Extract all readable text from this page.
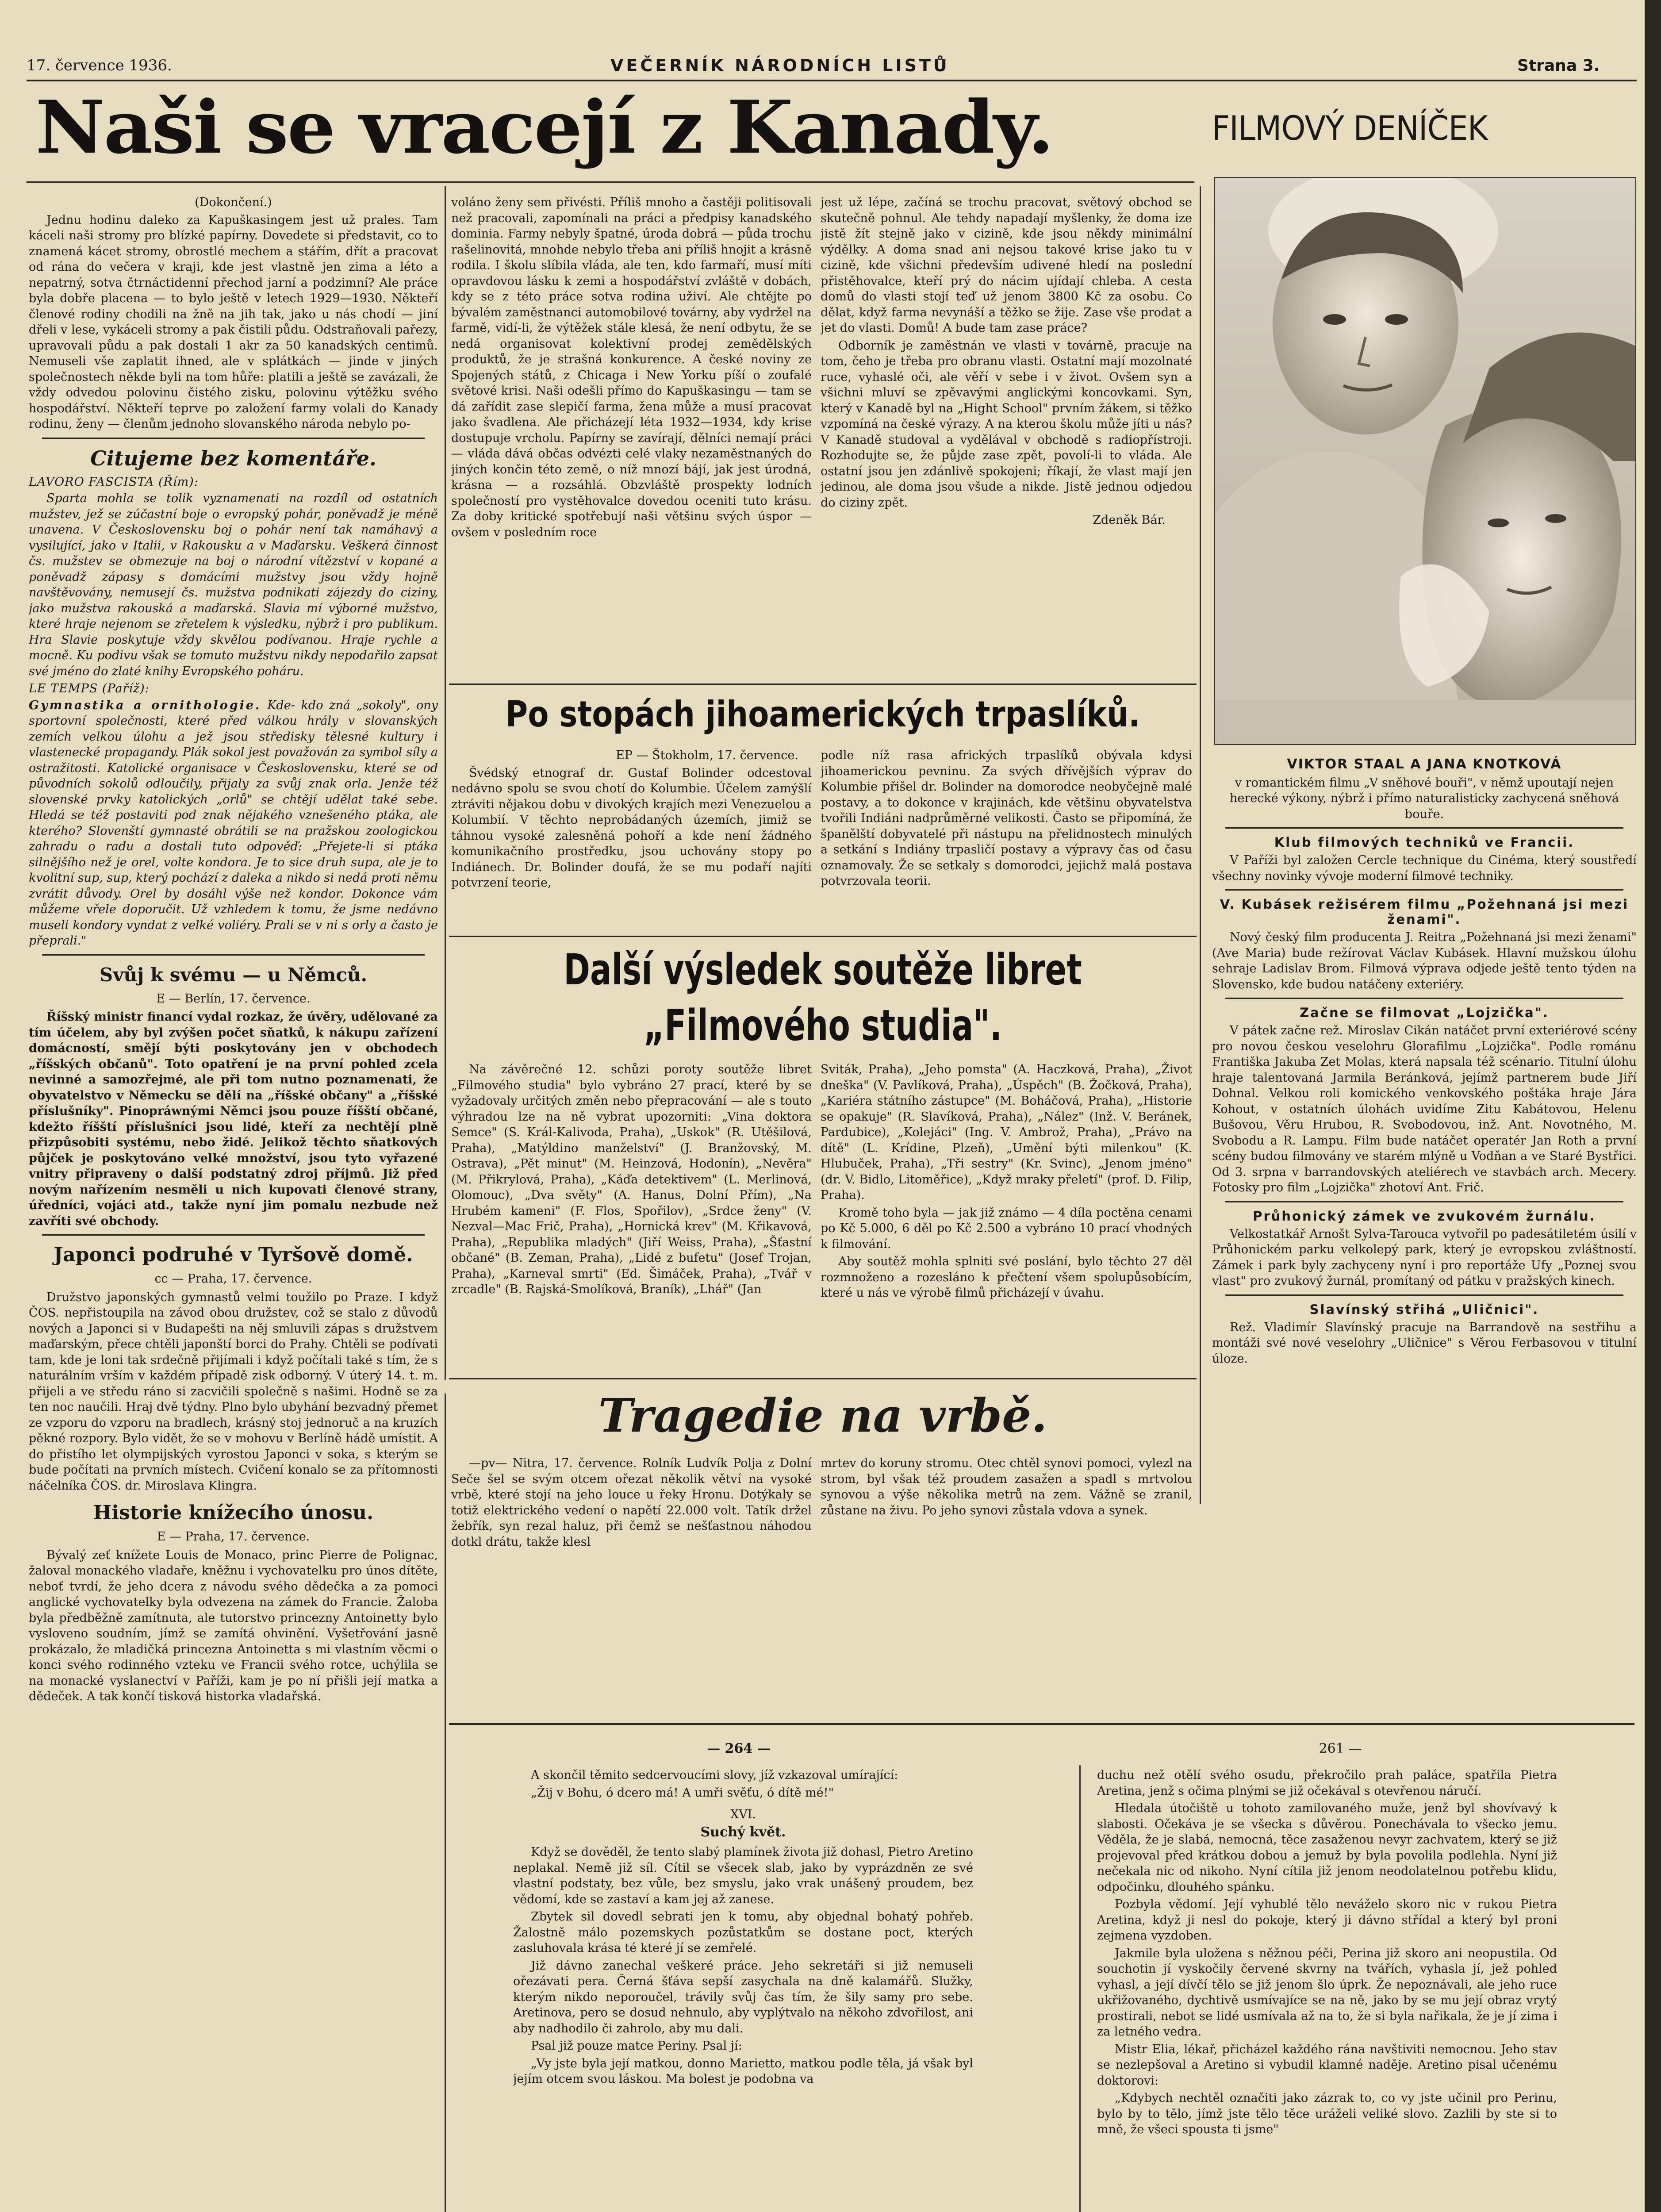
17. července 1936.	VEČERNÍK NÁRODNÍCH LISTŮ	Strana 3.
Naši se vracejí z Kanady.	FILMOVÝ DENÍČEK

(Dokončení.)

Jednu hodinu daleko za Kapuškasingem jest už prales. Tam káceli naši stromy pro blízké papírny. Dovedete si představit, co to znamená kácet stromy, obrostlé mechem a stářím, dřít a pracovat od rána do večera v kraji, kde jest vlastně jen zima a léto a nepatrný, sotva čtrnáctidenní přechod jarní a podzimní? Ale práce byla dobře placena — to bylo ještě v letech 1929—1930. Někteří členové rodiny chodili na žně na jih tak, jako u nás chodí — jiní dřeli v lese, vykáceli stromy a pak čistili půdu. Odstraňovali pařezy, upravovali půdu a pak dostali 1 akr za 50 kanadských centimů. Nemuseli vše zaplatit ihned, ale v splátkách — jinde v jiných společnostech někde byli na tom hůře: platili a ještě se zavázali, že vždy odvedou polovinu čistého zisku, polovinu výtěžku svého hospodářství. Někteří teprve po založení farmy volali do Kanady rodinu, ženy — členům jednoho slovanského národa nebylo po-

Citujeme bez komentáře.

LAVORO FASCISTA (Řím):

Sparta mohla se tolik vyznamenati na rozdíl od ostatních mužstev, jež se zúčastní boje o evropský pohár, poněvadž je méně unavena. V Československu boj o pohár není tak namáhavý a vysilující, jako v Italii, v Rakousku a v Maďarsku. Veškerá činnost čs. mužstev se obmezuje na boj o národní vítězství v kopané a poněvadž zápasy s domácími mužstvy jsou vždy hojně navštěvovány, nemusejí čs. mužstva podnikati zájezdy do ciziny, jako mužstva rakouská a maďarská. Slavia mí výborné mužstvo, které hraje nejenom se zřetelem k výsledku, nýbrž i pro publikum. Hra Slavie poskytuje vždy skvělou podívanou. Hraje rychle a mocně. Ku podivu však se tomuto mužstvu nikdy nepodařilo zapsat své jméno do zlaté knihy Evropského poháru.

LE TEMPS (Paříž):

Gymnastika a ornithologie. Kde- kdo zná „sokoly", ony sportovní společnosti, které před válkou hrály v slovanských zemích velkou úlohu a jež jsou středisky tělesné kultury i vlastenecké propagandy. Plák sokol jest považován za symbol síly a ostražitosti. Katolické organisace v Československu, které se od původních sokolů odloučily, přijaly za svůj znak orla. Jenže též slovenské prvky katolických „orlů" se chtějí udělat také sebe. Hledá se též postaviti pod znak nějakého vznešeného ptáka, ale kterého? Slovenští gymnasté obrátili se na pražskou zoologickou zahradu o radu a dostali tuto odpověď: „Přejete-li si ptáka silnějšího než je orel, volte kondora. Je to sice druh supa, ale je to kvolitní sup, sup, který pochází z daleka a nikdo si nedá proti němu zvrátit důvody. Orel by dosáhl výše než kondor. Dokonce vám můžeme vřele doporučit. Už vzhledem k tomu, že jsme nedávno museli kondory vyndat z velké voliéry. Prali se v ni s orly a často je přeprali."

Svůj k svému — u Němců.

E — Berlín, 17. července.

Říšský ministr financí vydal rozkaz, že úvěry, udělované za tím účelem, aby byl zvýšen počet sňatků, k nákupu zařízení domácností, smějí býti poskytovány jen v obchodech „říšských občanů". Toto opatření je na první pohled zcela nevinné a samozřejmé, ale při tom nutno poznamenati, že obyvatelstvo v Německu se dělí na „říšské občany" a „říšské příslušníky". Pinopráwnými Němci jsou pouze říšští občané, kdežto říšští příslušníci jsou lidé, kteří za nechtějí plně přizpůsobiti systému, nebo židé. Jelikož těchto sňatkových půjček je poskytováno velké množství, jsou tyto vyřazené vnitry připraveny o další podstatný zdroj příjmů. Již před novým nařízením nesměli u nich kupovati členové strany, úředníci, vojáci atd., takže nyní jim pomalu nezbude než zavříti své obchody.

Japonci podruhé v Tyršově domě.

cc — Praha, 17. července.

Družstvo japonských gymnastů velmi toužilo po Praze. I když ČOS. nepřistoupila na závod obou družstev, což se stalo z důvodů nových a Japonci si v Budapešti na něj smluvili zápas s družstvem maďarským, přece chtěli japonští borci do Prahy. Chtěli se podívati tam, kde je loni tak srdečně přijímali i když počítali také s tím, že s naturálním vrším v každém případě zisk odborný. V úterý 14. t. m. přijeli a ve středu ráno si zacvičili společně s našimi. Hodně se za ten noc naučili. Hraj dvě týdny. Plno bylo ubyhání bezvadný přemet ze vzporu do vzporu na bradlech, krásný stoj jednoruč a na kruzích pěkné rozpory. Bylo vidět, že se v mohovu v Berlíně hádě umístit. A do přistího let olympijských vyrostou Japonci v soka, s kterým se bude počítati na prvních místech. Cvičení konalo se za přítomnosti náčelníka ČOS. dr. Miroslava Klingra.

Historie knížecího únosu.

E — Praha, 17. července.

Bývalý zeť knížete Louis de Monaco, princ Pierre de Polignac, žaloval monackého vladaře, kněžnu i vychovatelku pro únos dítěte, neboť tvrdí, že jeho dcera z návodu svého dědečka a za pomoci anglické vychovatelky byla odvezena na zámek do Francie. Žaloba byla předběžně zamítnuta, ale tutorstvo princezny Antoinetty bylo vysloveno soudním, jímž se zamítá ohvinění. Vyšetřování jasně prokázalo, že mladičká princezna Antoinetta s mi vlastním věcmi o konci svého rodinného vzteku ve Francii svého rotce, uchýlila se na monacké vyslanectví v Paříži, kam je po ní přišli její matka a dědeček. A tak končí tisková historka vladařská.

voláno ženy sem přivésti. Příliš mnoho a častěji politisovali než pracovali, zapomínali na práci a předpisy kanadského dominia. Farmy nebyly špatné, úroda dobrá — půda trochu rašelinovitá, mnohde nebylo třeba ani příliš hnojit a krásně rodila. I školu slíbila vláda, ale ten, kdo farmaří, musí míti opravdovou lásku k zemi a hospodářství zvláště v dobách, kdy se z této práce sotva rodina uživí. Ale chtějte po bývalém zaměstnanci automobilové továrny, aby vydržel na farmě, vidí-li, že výtěžek stále klesá, že není odbytu, že se nedá organisovat kolektivní prodej zemědělských produktů, že je strašná konkurence. A české noviny ze Spojených států, z Chicaga i New Yorku píší o zoufalé světové krisi. Naši odešli přímo do Kapuškasingu — tam se dá zařídit zase slepičí farma, žena může a musí pracovat jako švadlena. Ale přicházejí léta 1932—1934, kdy krise dostupuje vrcholu. Papírny se zavírají, dělníci nemají práci — vláda dává občas odvézti celé vlaky nezaměstnaných do jiných končin této země, o níž mnozí bájí, jak jest úrodná, krásna — a rozsáhlá. Obzvláště prospekty lodních společností pro vystěhovalce dovedou oceniti tuto krásu. Za doby kritické spotřebují naši většinu svých úspor — ovšem v posledním roce

jest už lépe, začíná se trochu pracovat, světový obchod se skutečně pohnul. Ale tehdy napadají myšlenky, že doma ize jistě žít stejně jako v cizině, kde jsou někdy minimální výdělky. A doma snad ani nejsou takové krise jako tu v cizině, kde všichni především udivené hledí na poslední přistěhovalce, kteří prý do nácim ujídají chleba. A cesta domů do vlasti stojí teď už jenom 3800 Kč za osobu. Co dělat, když farma nevynáší a těžko se žije. Zase vše prodat a jet do vlasti. Domů! A bude tam zase práce?

Odborník je zaměstnán ve vlasti v továrně, pracuje na tom, čeho je třeba pro obranu vlasti. Ostatní mají mozolnaté ruce, vyhaslé oči, ale věří v sebe i v život. Ovšem syn a všichni mluví se zpěvavými anglickými koncovkami. Syn, který v Kanadě byl na „Hight School" prvním žákem, si těžko vzpomíná na české výrazy. A na kterou školu může jíti u nás? V Kanadě studoval a vydělával v obchodě s radiopřístroji. Rozhodujte se, že půjde zase zpět, povolí-li to vláda. Ale ostatní jsou jen zdánlivě spokojeni; říkají, že vlast mají jen jedinou, ale doma jsou všude a nikde. Jistě jednou odjedou do ciziny zpět.

Zdeněk Bár.

Po stopách jihoamerických trpaslíků.

EP — Štokholm, 17. července.

Švédský etnograf dr. Gustaf Bolinder odcestoval nedávno spolu se svou chotí do Kolumbie. Účelem zamýšlí ztráviti nějakou dobu v divokých krajích mezi Venezuelou a Kolumbií. V těchto neprobádaných územích, jimiž se táhnou vysoké zalesněná pohoří a kde není žádného komunikačního prostředku, jsou uchovány stopy po Indiánech. Dr. Bolinder doufá, že se mu podaří najíti potvrzení teorie,

podle níž rasa afrických trpaslíků obývala kdysi jihoamerickou pevninu. Za svých dřívějších výprav do Kolumbie přišel dr. Bolinder na domorodce neobyčejně malé postavy, a to dokonce v krajinách, kde většinu obyvatelstva tvořili Indiáni nadprůměrné velikosti. Často se připomíná, že španělští dobyvatelé při nástupu na přelidnostech minulých a setkání s Indiány trpasličí postavy a výpravy čas od času oznamovaly. Že se setkaly s domorodci, jejichž malá postava potvrzovala teorii.

Další výsledek soutěže libret
„Filmového studia".

Na závěrečné 12. schůzi poroty soutěže libret „Filmového studia" bylo vybráno 27 prací, které by se vyžadovaly určitých změn nebo přepracování — ale s touto výhradou lze na ně vybrat upozorniti: „Vina doktora Semce" (S. Král-Kalivoda, Praha), „Uskok" (R. Utěšilová, Praha), „Matýldino manželství" (J. Branžovský, M. Ostrava), „Pět minut" (M. Heinzová, Hodonín), „Nevěra" (M. Přikrylová, Praha), „Káďa detektivem" (L. Merlinová, Olomouc), „Dva světy" (A. Hanus, Dolní Přím), „Na Hrubém kameni" (F. Flos, Spořilov), „Srdce ženy" (V. Nezval—Mac Frič, Praha), „Hornická krev" (M. Křikavová, Praha), „Republika mladých" (Jiří Weiss, Praha), „Šťastní občané" (B. Zeman, Praha), „Lidé z bufetu" (Josef Trojan, Praha), „Karneval smrti" (Ed. Šimáček, Praha), „Tvář v zrcadle" (B. Rajská-Smolíková, Braník), „Lhář" (Jan

Sviták, Praha), „Jeho pomsta" (A. Haczková, Praha), „Život dneška" (V. Pavlíková, Praha), „Úspěch" (B. Žočková, Praha), „Kariéra státního zástupce" (M. Boháčová, Praha), „Historie se opakuje" (R. Slavíková, Praha), „Nález" (Inž. V. Beránek, Pardubice), „Kolejáci" (Ing. V. Ambrož, Praha), „Právo na dítě" (L. Krídine, Plzeň), „Umění býti milenkou" (K. Hlubuček, Praha), „Tři sestry" (Kr. Svinc), „Jenom jméno" (dr. V. Bidlo, Litoměřice), „Když mraky přeletí" (prof. D. Filip, Praha).

Kromě toho byla — jak již známo — 4 díla poctěna cenami po Kč 5.000, 6 děl po Kč 2.500 a vybráno 10 prací vhodných k filmování.

Aby soutěž mohla splniti své poslání, bylo těchto 27 děl rozmnoženo a rozesláno k přečtení všem spolupůsobícím, které u nás ve výrobě filmů přicházejí v úvahu.

Tragedie na vrbě.

—pv— Nitra, 17. července. Rolník Ludvík Polja z Dolní Seče šel se svým otcem ořezat několik větví na vysoké vrbě, které stojí na jeho louce u řeky Hronu. Dotýkaly se totiž elektrického vedení o napětí 22.000 volt. Tatík držel žebřík, syn rezal haluz, při čemž se nešťastnou náhodou dotkl drátu, takže klesl

mrtev do koruny stromu. Otec chtěl synovi pomoci, vylezl na strom, byl však též proudem zasažen a spadl s mrtvolou synovou a výše několika metrů na zem. Vážně se zranil, zůstane na živu. Po jeho synovi zůstala vdova a synek.

— 264 —	261 —

A skončil těmito sedcervoucími slovy, jíž vzkazoval umírající:

„Žij v Bohu, ó dcero má! A umři svěťu, ó dítě mé!"

XVI.

Suchý květ.

Když se dověděl, že tento slabý plamínek života již dohasl, Pietro Aretino neplakal. Nemě již síl. Cítil se všecek slab, jako by vyprázdněn ze své vlastní podstaty, bez vůle, bez smyslu, jako vrak unášený proudem, bez vědomí, kde se zastaví a kam jej až zanese.

Zbytek sil dovedl sebrati jen k tomu, aby objednal bohatý pohřeb. Žalostně málo pozemskych pozůstatkům se dostane poct, kterých zasluhovala krása té které jí se zemřelé.

Již dávno zanechal veškeré práce. Jeho sekretáři si již nemuseli ořezávati pera. Černá šťáva sepší zasychala na dně kalamářů. Služky, kterým nikdo neporoučel, trávily svůj čas tím, že šily samy pro sebe. Aretinova, pero se dosud nehnulo, aby vyplýtvalo na někoho zdvořilost, ani aby nadhodilo či zahrolo, aby mu dali.

Psal již pouze matce Periny. Psal jí:

„Vy jste byla její matkou, donno Marietto, matkou podle těla, já však byl jejím otcem svou láskou. Ma bolest je podobna va

duchu než otělí svého osudu, překročilo prah paláce, spatřila Pietra Aretina, jenž s očima plnými se již očekával s otevřenou náručí.

Hledala útočiště u tohoto zamilovaného muže, jenž byl shovívavý k slabosti. Očekáva je se všecka s důvěrou. Ponechávala to všecko jemu. Věděla, že je slabá, nemocná, těce zasaženou nevyr zachvatem, který se již projevoval před krátkou dobou a jemuž by byla povolila podlehla. Nyní již nečekala nic od nikoho. Nyní cítila již jenom neodolatelnou potřebu klidu, odpočinku, dlouhého spánku.

Pozbyla vědomí. Její vyhublé tělo neváželo skoro nic v rukou Pietra Aretina, když ji nesl do pokoje, který ji dávno střídal a který byl proni zejmena vyzdoben.

Jakmile byla uložena s něžnou péči, Perina již skoro ani neopustila. Od souchotin jí vyskočily červené skvrny na tvářích, vyhasla jí, jež pohled vyhasl, a její dívčí tělo se již jenom šlo úprk. Že nepoznávali, ale jeho ruce ukřižovaného, dychtivě usmívajíce se na ně, jako by se mu její obraz vrytý prostirali, nebot se lidé usmívala až na to, že si byla nařikala, že je jí zima i za letného vedra.

Mistr Elia, lékař, přicházel každého rána navštiviti nemocnou. Jeho stav se nezlepšoval a Aretino si vybudil klamné naděje. Aretino pisal učenému doktorovi:

„Kdybych nechtěl označiti jako zázrak to, co vy jste učinil pro Perinu, bylo by to tělo, jímž jste tělo těce uráželi veliké slovo. Zazlili by ste si to mně, že všeci spousta ti jsme"

VIKTOR STAAL A JANA KNOTKOVÁ

v romantickém filmu „V sněhové bouři", v němž upoutají nejen herecké výkony, nýbrž i přímo naturalisticky zachycená sněhová bouře.

Klub filmových techniků ve Francii.

V Paříži byl založen Cercle technique du Cinéma, který soustředí všechny novinky vývoje moderní filmové techniky.

V. Kubásek režisérem filmu „Požehnaná jsi mezi ženami".

Nový český film producenta J. Reitra „Požehnaná jsi mezi ženami" (Ave Maria) bude režírovat Václav Kubásek. Hlavní mužskou úlohu sehraje Ladislav Brom. Filmová výprava odjede ještě tento týden na Slovensko, kde budou natáčeny exteriéry.

Začne se filmovat „Lojzička".

V pátek začne rež. Miroslav Cikán natáčet první exteriérové scény pro novou českou veselohru Glorafilmu „Lojzička". Podle románu Františka Jakuba Zet Molas, která napsala též scénario. Titulní úlohu hraje talentovaná Jarmila Beránková, jejímž partnerem bude Jiří Dohnal. Velkou roli komického venkovského poštáka hraje Jára Kohout, v ostatních úlohách uvidíme Zitu Kabátovou, Helenu Bušovou, Věru Hrubou, R. Svobodovou, inž. Ant. Novotného, M. Svobodu a R. Lampu. Film bude natáčet operatér Jan Roth a první scény budou filmovány ve starém mlýně u Vodňan a ve Staré Bystřici. Od 3. srpna v barrandovských ateliérech ve stavbách arch. Mecery. Fotosky pro film „Lojzička" zhotoví Ant. Frič.

Průhonický zámek ve zvukovém žurnálu.

Velkostatkář Arnošt Sylva-Tarouca vytvořil po padesátiletém úsilí v Průhonickém parku velkolepý park, který je evropskou zvláštností. Zámek i park byly zachyceny nyní i pro reportáže Ufy „Poznej svou vlast" pro zvukový žurnál, promítaný od pátku v pražských kinech.

Slavínský střihá „Uličnici".

Rež. Vladimír Slavínský pracuje na Barrandově na sestřihu a montáži své nové veselohry „Uličnice" s Věrou Ferbasovou v titulní úloze.
